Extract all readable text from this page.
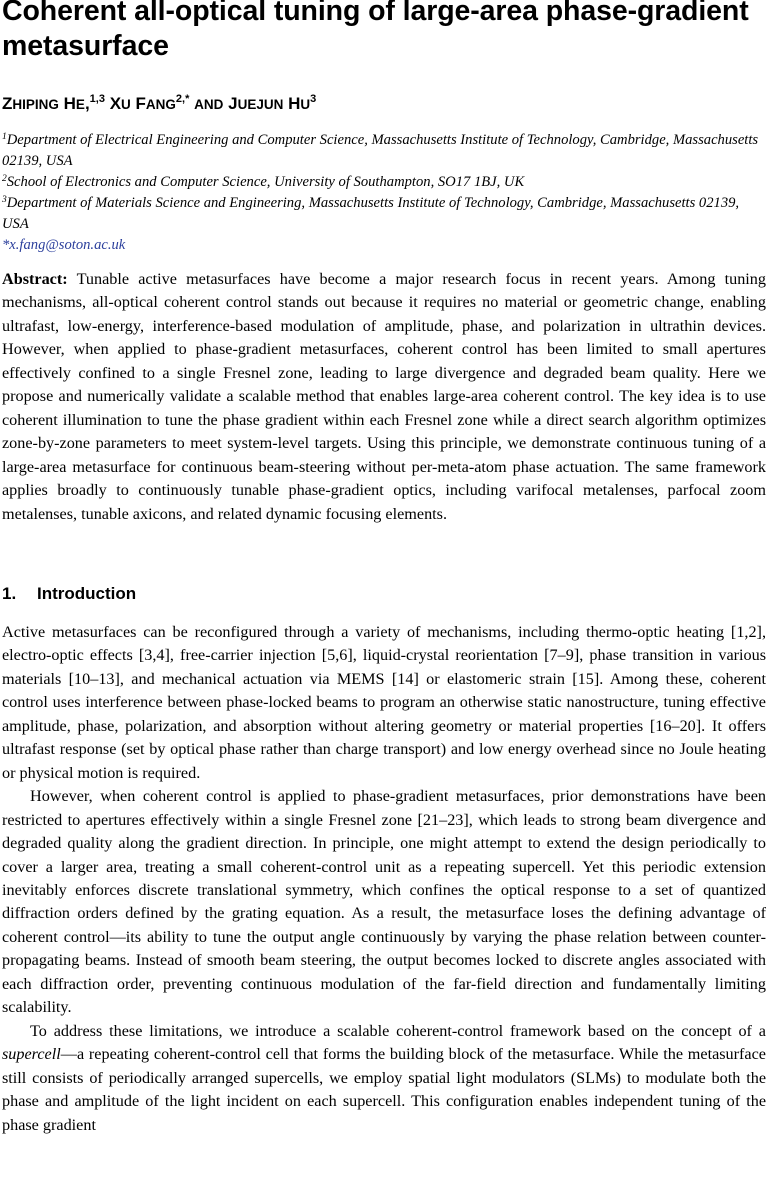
Coherent all-optical tuning of large-area phase-gradient metasurface

ZHIPING HE,$^{1,3}$ XU $FANG^{2,*}$ AND JUEJUN $HU^3$

$^1$Department of Electrical Engineering and Computer Science, Massachusetts Institute of Technology, Cambridge, Massachusetts 02139, USA

$^2$School of Electronics and Computer Science, University of Southampton, SO17 1BJ, UK

$^3$Department of Materials Science and Engineering, Massachusetts Institute of Technology, Cambridge, Massachusetts 02139, USA

*x.fang@soton.ac.uk

Abstract: Tunable active metasurfaces have become a major research focus in recent years. Among tuning mechanisms, all-optical coherent control stands out because it requires no material or geometric change, enabling ultrafast, low-energy, interference-based modulation of amplitude, phase, and polarization in ultrathin devices. However, when applied to phase-gradient metasurfaces, coherent control has been limited to small apertures effectively confined to a single Fresnel zone, leading to large divergence and degraded beam quality. Here we propose and numerically validate a scalable method that enables large-area coherent control. The key idea is to use coherent illumination to tune the phase gradient within each Fresnel zone while a direct search algorithm optimizes zone-by-zone parameters to meet system-level targets. Using this principle, we demonstrate continuous tuning of a large-area metasurface for continuous beam-steering without per-meta-atom phase actuation. The same framework applies broadly to continuously tunable phase-gradient optics, including varifocal metalenses, parfocal zoom metalenses, tunable axicons, and related dynamic focusing elements.

1. Introduction

Active metasurfaces can be reconfigured through a variety of mechanisms, including thermo-optic heating [1,2], electro-optic effects [3,4], free-carrier injection [5,6], liquid-crystal reorientation [7–9], phase transition in various materials [10–13], and mechanical actuation via MEMS [14] or elastomeric strain [15]. Among these, coherent control uses interference between phase-locked beams to program an otherwise static nanostructure, tuning effective amplitude, phase, polarization, and absorption without altering geometry or material properties [16–20]. It offers ultrafast response (set by optical phase rather than charge transport) and low energy overhead since no Joule heating or physical motion is required.

However, when coherent control is applied to phase-gradient metasurfaces, prior demonstrations have been restricted to apertures effectively within a single Fresnel zone [21–23], which leads to strong beam divergence and degraded quality along the gradient direction. In principle, one might attempt to extend the design periodically to cover a larger area, treating a small coherent-control unit as a repeating supercell. Yet this periodic extension inevitably enforces discrete translational symmetry, which confines the optical response to a set of quantized diffraction orders defined by the grating equation. As a result, the metasurface loses the defining advantage of coherent control—its ability to tune the output angle continuously by varying the phase relation between counter-propagating beams. Instead of smooth beam steering, the output becomes locked to discrete angles associated with each diffraction order, preventing continuous modulation of the far-field direction and fundamentally limiting scalability.

To address these limitations, we introduce a scalable coherent-control framework based on the concept of a supercell—a repeating coherent-control cell that forms the building block of the metasurface. While the metasurface still consists of periodically arranged supercells, we employ spatial light modulators (SLMs) to modulate both the phase and amplitude of the light incident on each supercell. This configuration enables independent tuning of the phase gradient
